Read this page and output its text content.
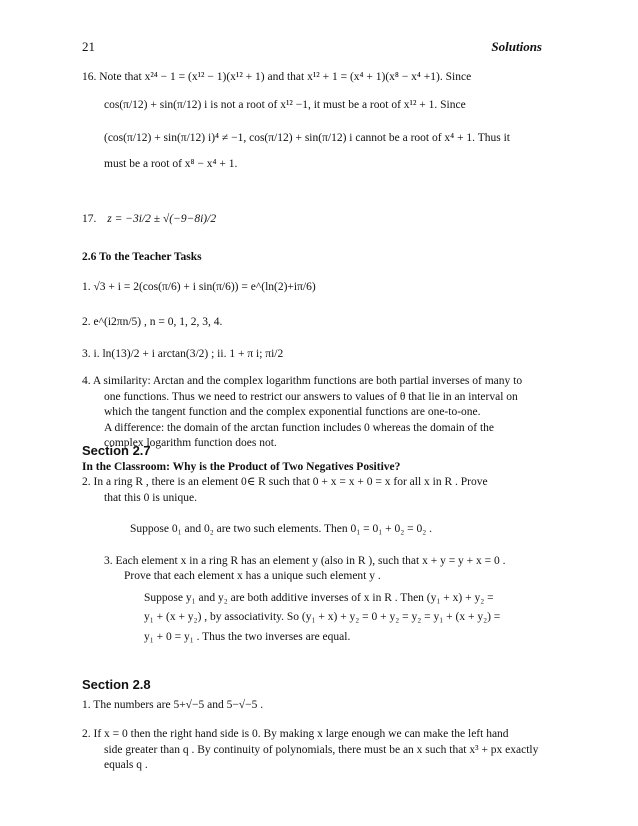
21	Solutions

16. Note that x²⁴ − 1 = (x¹² − 1)(x¹² + 1) and that x¹² + 1 = (x⁴ + 1)(x⁸ − x⁴ +1). Since

cos(π/12) + sin(π/12) i is not a root of x¹² −1, it must be a root of x¹² + 1. Since

(cos(π/12) + sin(π/12) i)⁴ ≠ −1, cos(π/12) + sin(π/12) i cannot be a root of x⁴ + 1. Thus it

must be a root of x⁸ − x⁴ + 1.

17. z = −3i/2 ± √(−9−8i)/2

2.6 To the Teacher Tasks

1. √3 + i = 2(cos(π/6) + i sin(π/6)) = e^(ln(2)+iπ/6)

2. e^(i2πn/5) , n = 0, 1, 2, 3, 4.

3. i. ln(13)/2 + i arctan(3/2) ; ii. 1 + π i; πi/2

4. A similarity: Arctan and the complex logarithm functions are both partial inverses of many to

one functions. Thus we need to restrict our answers to values of θ that lie in an interval on

which the tangent function and the complex exponential functions are one-to-one.

A difference: the domain of the arctan function includes 0 whereas the domain of the

complex logarithm function does not.

Section 2.7

In the Classroom: Why is the Product of Two Negatives Positive?

2. In a ring R , there is an element 0∈ R such that 0 + x = x + 0 = x for all x in R . Prove

that this 0 is unique.

Suppose 0₁ and 0₂ are two such elements. Then 0₁ = 0₁ + 0₂ = 0₂ .

3. Each element x in a ring R has an element y (also in R ), such that x + y = y + x = 0 .

Prove that each element x has a unique such element y .

Suppose y₁ and y₂ are both additive inverses of x in R . Then (y₁ + x) + y₂ =

y₁ + (x + y₂) , by associativity. So (y₁ + x) + y₂ = 0 + y₂ = y₂ = y₁ + (x + y₂) =

y₁ + 0 = y₁ . Thus the two inverses are equal.

Section 2.8

1. The numbers are 5+√−5 and 5−√−5 .

2. If x = 0 then the right hand side is 0. By making x large enough we can make the left hand

side greater than q . By continuity of polynomials, there must be an x such that x³ + px exactly

equals q .
